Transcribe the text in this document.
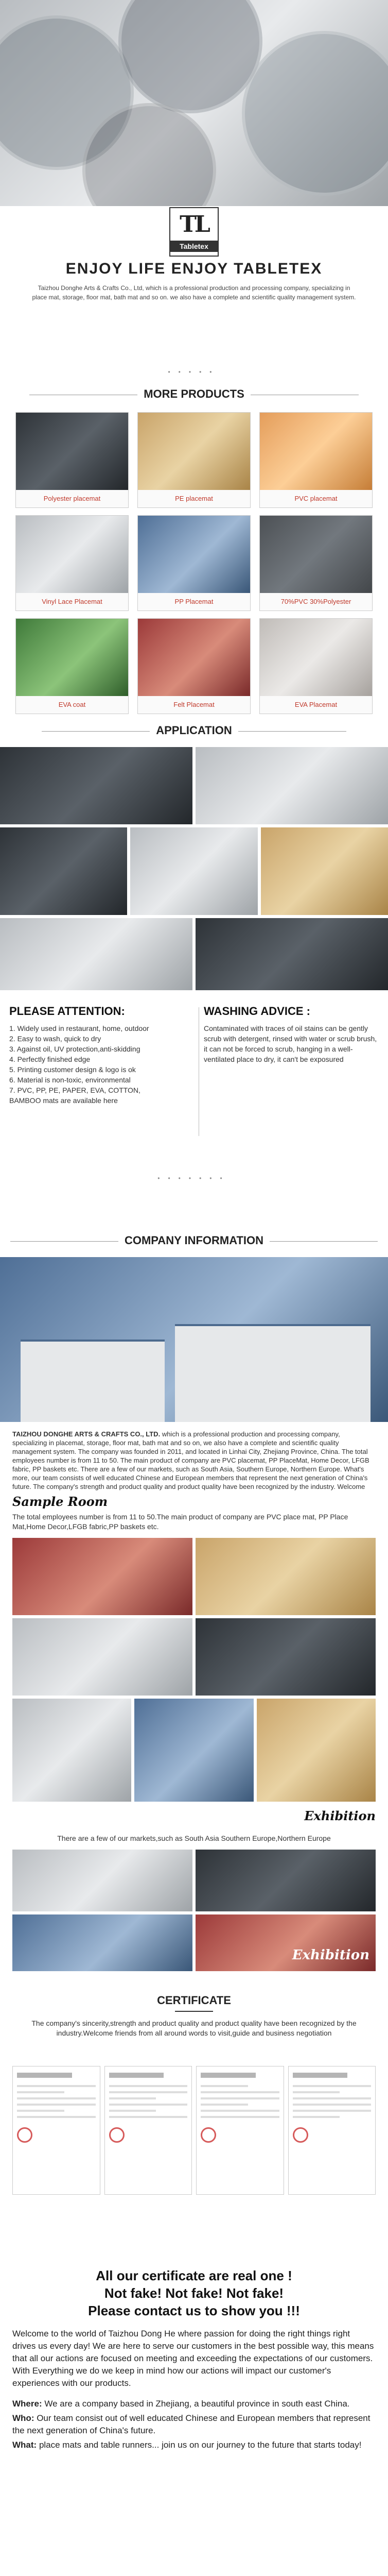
TL
Tabletex
ENJOY LIFE ENJOY TABLETEX
Taizhou Donghe Arts & Crafts Co., Ltd, which is a professional production and processing company, specializing in place mat, storage, floor mat, bath mat and so on. we also have a complete and scientific quality management system.
•••••
MORE PRODUCTS
Polyester placemat	PE placemat	PVC placemat
Vinyl Lace Placemat	PP Placemat	70%PVC 30%Polyester
EVA coat	Felt Placemat	EVA Placemat
APPLICATION
PLEASE ATTENTION:
1. Widely used in restaurant, home, outdoor
2. Easy to wash, quick to dry
3. Against oil, UV protection,anti-skidding
4. Perfectly finished edge
5. Printing customer design & logo is ok
6. Material is non-toxic, environmental
7. PVC, PP, PE, PAPER, EVA, COTTON,
BAMBOO mats are available here
WASHING ADVICE :

Contaminated with traces of oil stains can be gently scrub with detergent, rinsed with water or scrub brush, it can not be forced to scrub, hanging in a well-ventilated place to dry, it can't be exposured

•••••••
COMPANY INFORMATION
TAIZHOU DONGHE ARTS & CRAFTS CO., LTD. which is a professional production and processing company, specializing in placemat, storage, floor mat, bath mat and so on, we also have a complete and scientific quality management system. The company was founded in 2011, and located in Linhai City, Zhejiang Province, China. The total employees number is from 11 to 50. The main product of company are PVC placemat, PP PlaceMat, Home Decor, LFGB fabric, PP baskets etc. There are a few of our markets, such as South Asia, Southern Europe, Northern Europe. What's more, our team consists of well educated Chinese and European members that represent the next generation of China's future. The company's strength and product quality and product quality have been recognized by the industry. Welcome
Sample Room
The total employees number is from 11 to 50.The main product of company are PVC place mat, PP Place Mat,Home Decor,LFGB fabric,PP baskets etc.
Exhibition
There are a few of our markets,such as South Asia Southern Europe,Northern Europe
Exhibition
CERTIFICATE
The company's sincerity,strength and product quality and product quality have been recognized by the industry.Welcome friends from all around words to visit,guide and business negotiation
All our certificate are real one !
Not fake! Not fake! Not fake!
Please contact us to show you !!!

Welcome to the world of Taizhou Dong He where passion for doing the right things right drives us every day! We are here to serve our customers in the best possible way, this means that all our actions are focused on meeting and exceeding the expectations of our customers. With Everything we do we keep in mind how our actions will impact our customer's experiences with our products.

Where: We are a company based in Zhejiang, a beautiful province in south east China.

Who: Our team consist out of well educated Chinese and European members that represent the next generation of China's future.

What: place mats and table runners... join us on our journey to the future that starts today!
